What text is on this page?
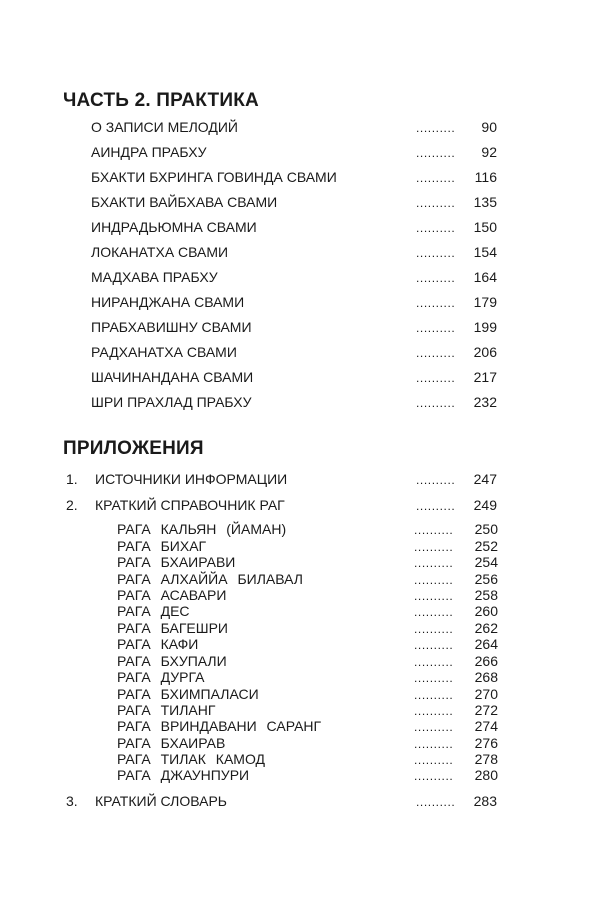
ЧАСТЬ 2. ПРАКТИКА
О ЗАПИСИ МЕЛОДИЙ	.......... 90
АИНДРА ПРАБХУ	.......... 92
БХАКТИ БХРИНГА ГОВИНДА СВАМИ	.......... 116
БХАКТИ ВАЙБХАВА СВАМИ	.......... 135
ИНДРАДЬЮМНА СВАМИ	.......... 150
ЛОКАНАТХА СВАМИ	.......... 154
МАДХАВА ПРАБХУ	.......... 164
НИРАНДЖАНА СВАМИ	.......... 179
ПРАБХАВИШНУ СВАМИ	.......... 199
РАДХАНАТХА СВАМИ	.......... 206
ШАЧИНАНДАНА СВАМИ	.......... 217
ШРИ ПРАХЛАД ПРАБХУ	.......... 232
ПРИЛОЖЕНИЯ
1. ИСТОЧНИКИ ИНФОРМАЦИИ	.......... 247
2. КРАТКИЙ СПРАВОЧНИК РАГ	.......... 249
РАГА КАЛЬЯН (ЙАМАН)	.......... 250
РАГА БИХАГ	.......... 252
РАГА БХАИРАВИ	.......... 254
РАГА АЛХАЙЙА БИЛАВАЛ	.......... 256
РАГА АСАВАРИ	.......... 258
РАГА ДЕС	.......... 260
РАГА БАГЕШРИ	.......... 262
РАГА КАФИ	.......... 264
РАГА БХУПАЛИ	.......... 266
РАГА ДУРГА	.......... 268
РАГА БХИМПАЛАСИ	.......... 270
РАГА ТИЛАНГ	.......... 272
РАГА ВРИНДАВАНИ САРАНГ	.......... 274
РАГА БХАИРАВ	.......... 276
РАГА ТИЛАК КАМОД	.......... 278
РАГА ДЖАУНПУРИ	.......... 280
3. КРАТКИЙ СЛОВАРЬ	.......... 283
